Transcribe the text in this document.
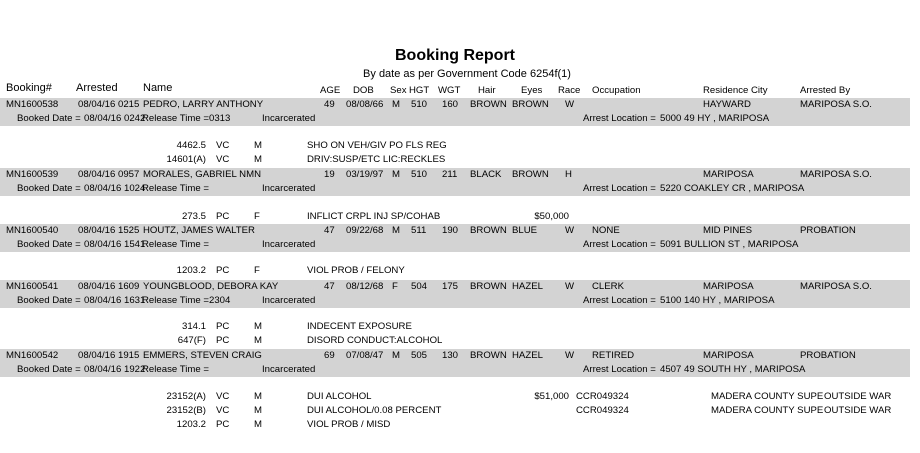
Booking Report
By date as per Government Code 6254f(1)
Booking# Arrested Name	AGE DOB Sex HGT WGT Hair	Eyes Race Occupation	Residence City	Arrested By
MN1600538 08/04/16 0215 PEDRO, LARRY ANTHONY	49 08/08/66 M 510 160 BROWN BROWN W	HAYWARD	MARIPOSA S.O.
Booked Date = 08/04/16 0242
Release Time = 0313	Incarcerated	Arrest Location = 5000 49 HY , MARIPOSA
4462.5 VC	M	SHO ON VEH/GIV PO FLS REG
14601(A) VC	M	DRIV:SUSP/ETC LIC:RECKLES
MN1600539 08/04/16 0957 MORALES, GABRIEL NMN	19 03/19/97 M 510 211 BLACK BROWN H	MARIPOSA	MARIPOSA S.O.
Booked Date = 08/04/16 1024
Release Time =	Incarcerated	Arrest Location = 5220 COAKLEY CR , MARIPOSA
273.5 PC	F	INFLICT CRPL INJ SP/COHAB	$50,000
MN1600540 08/04/16 1525 HOUTZ, JAMES WALTER	47 09/22/68 M 511 190 BROWN BLUE	W NONE	MID PINES	PROBATION
Booked Date = 08/04/16 1541
Release Time =	Incarcerated	Arrest Location = 5091 BULLION ST , MARIPOSA
1203.2 PC	F	VIOL PROB / FELONY
MN1600541 08/04/16 1609 YOUNGBLOOD, DEBORA KAY	47 08/12/68 F 504 175 BROWN HAZEL W CLERK	MARIPOSA	MARIPOSA S.O.
Booked Date = 08/04/16 1631
Release Time = 2304	Incarcerated	Arrest Location = 5100 140 HY , MARIPOSA
314.1 PC	M	INDECENT EXPOSURE
647(F) PC	M	DISORD CONDUCT:ALCOHOL
MN1600542 08/04/16 1915 EMMERS, STEVEN CRAIG	69 07/08/47 M 505 130 BROWN HAZEL W RETIRED	MARIPOSA	PROBATION
Booked Date = 08/04/16 1922
Release Time =	Incarcerated	Arrest Location = 4507 49 SOUTH HY , MARIPOSA
23152(A) VC	M	DUI ALCOHOL	$51,000 CCR049324	MADERA COUNTY SUPE OUTSIDE WAR
23152(B) VC	M	DUI ALCOHOL/0.08 PERCENT	CCR049324	MADERA COUNTY SUPE OUTSIDE WAR
1203.2 PC	M	VIOL PROB / MISD
